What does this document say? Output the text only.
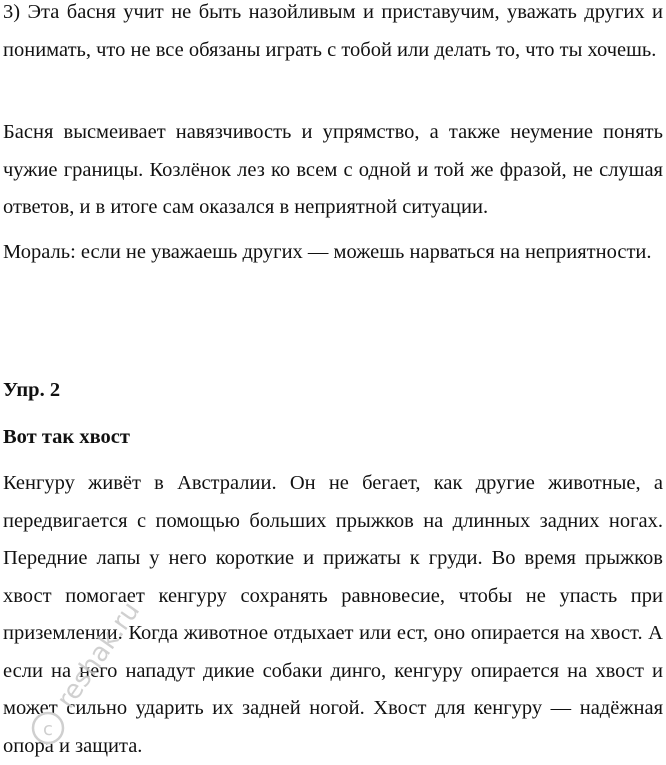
3) Эта басня учит не быть назойливым и приставучим, уважать других и понимать, что не все обязаны играть с тобой или делать то, что ты хочешь.

Басня высмеивает навязчивость и упрямство, а также неумение понять чужие границы. Козлёнок лез ко всем с одной и той же фразой, не слушая ответов, и в итоге сам оказался в неприятной ситуации.

Мораль: если не уважаешь других — можешь нарваться на неприятности.

Упр. 2
Вот так хвост

Кенгуру живёт в Австралии. Он не бегает, как другие животные, а передвигается с помощью больших прыжков на длинных задних ногах. Передние лапы у него короткие и прижаты к груди. Во время прыжков хвост помогает кенгуру сохранять равновесие, чтобы не упасть при приземлении. Когда животное отдыхает или ест, оно опирается на хвост. А если на него нападут дикие собаки динго, кенгуру опирается на хвост и может сильно ударить их задней ногой. Хвост для кенгуру — надёжная опора и защита.

c
reshak.ru
